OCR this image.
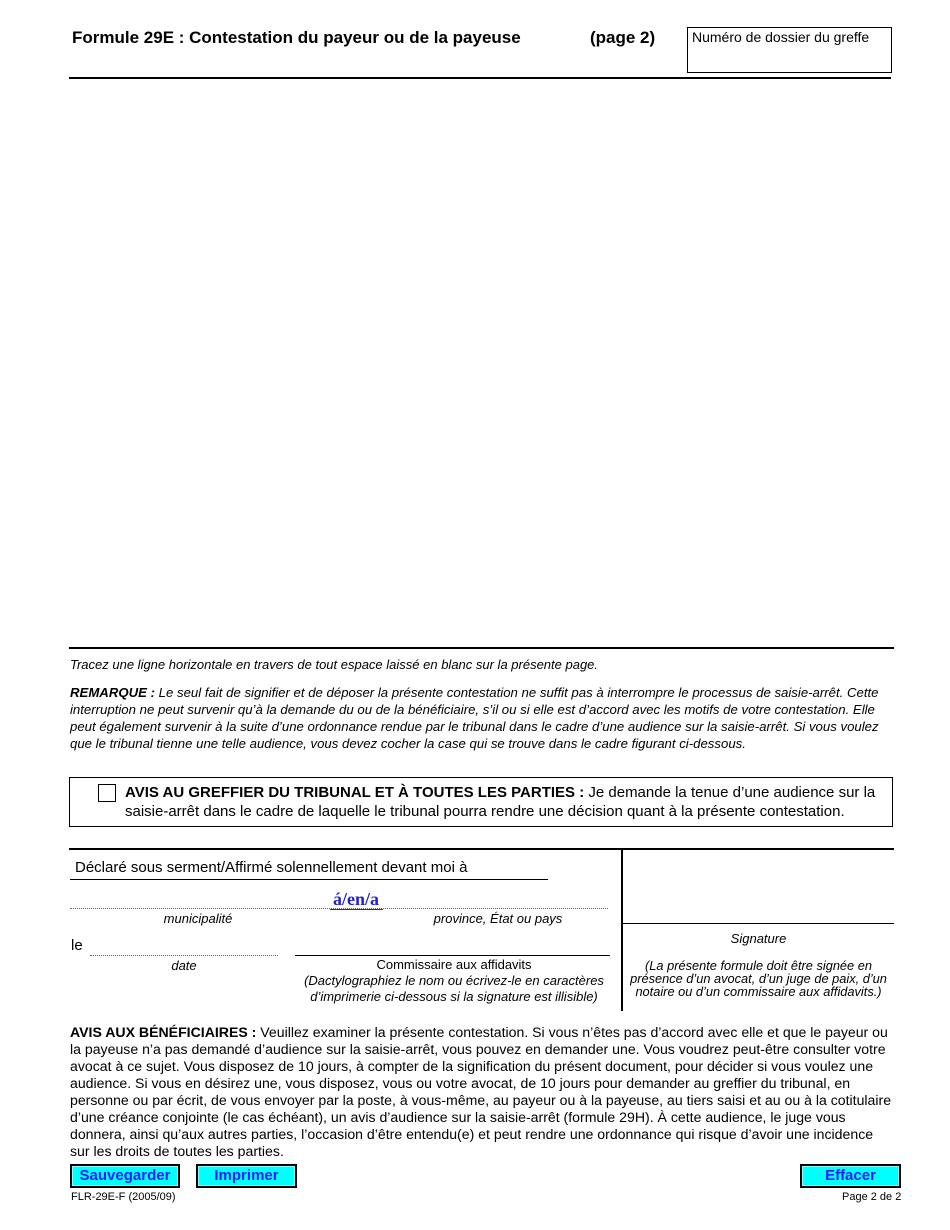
Formule 29E : Contestation du payeur ou de la payeuse	(page 2)	Numéro de dossier du greffe
Tracez une ligne horizontale en travers de tout espace laissé en blanc sur la présente page.
REMARQUE : Le seul fait de signifier et de déposer la présente contestation ne suffit pas à interrompre le processus de saisie-arrêt. Cette interruption ne peut survenir qu’à la demande du ou de la bénéficiaire, s’il ou si elle est d’accord avec les motifs de votre contestation. Elle peut également survenir à la suite d’une ordonnance rendue par le tribunal dans le cadre d’une audience sur la saisie-arrêt. Si vous voulez que le tribunal tienne une telle audience, vous devez cocher la case qui se trouve dans le cadre figurant ci-dessous.
AVIS AU GREFFIER DU TRIBUNAL ET À TOUTES LES PARTIES : Je demande la tenue d’une audience sur la saisie-arrêt dans le cadre de laquelle le tribunal pourra rendre une décision quant à la présente contestation.
Déclaré sous serment/Affirmé solennellement devant moi à
á/en/a
municipalité	province, État ou pays
Signature
le
date	Commissaire aux affidavits
(Dactylographiez le nom ou écrivez-le en caractères d’imprimerie ci-dessous si la signature est illisible)
(La présente formule doit être signée en présence d’un avocat, d’un juge de paix, d’un notaire ou d’un commissaire aux affidavits.)
AVIS AUX BÉNÉFICIAIRES : Veuillez examiner la présente contestation. Si vous n’êtes pas d’accord avec elle et que le payeur ou la payeuse n’a pas demandé d’audience sur la saisie-arrêt, vous pouvez en demander une. Vous voudrez peut-être consulter votre avocat à ce sujet. Vous disposez de 10 jours, à compter de la signification du présent document, pour décider si vous voulez une audience. Si vous en désirez une, vous disposez, vous ou votre avocat, de 10 jours pour demander au greffier du tribunal, en personne ou par écrit, de vous envoyer par la poste, à vous-même, au payeur ou à la payeuse, au tiers saisi et au ou à la cotitulaire d’une créance conjointe (le cas échéant), un avis d’audience sur la saisie-arrêt (formule 29H). À cette audience, le juge vous donnera, ainsi qu’aux autres parties, l’occasion d’être entendu(e) et peut rendre une ordonnance qui risque d’avoir une incidence sur les droits de toutes les parties.
Sauvegarder	Imprimer	Effacer
FLR-29E-F (2005/09)	Page 2 de 2
